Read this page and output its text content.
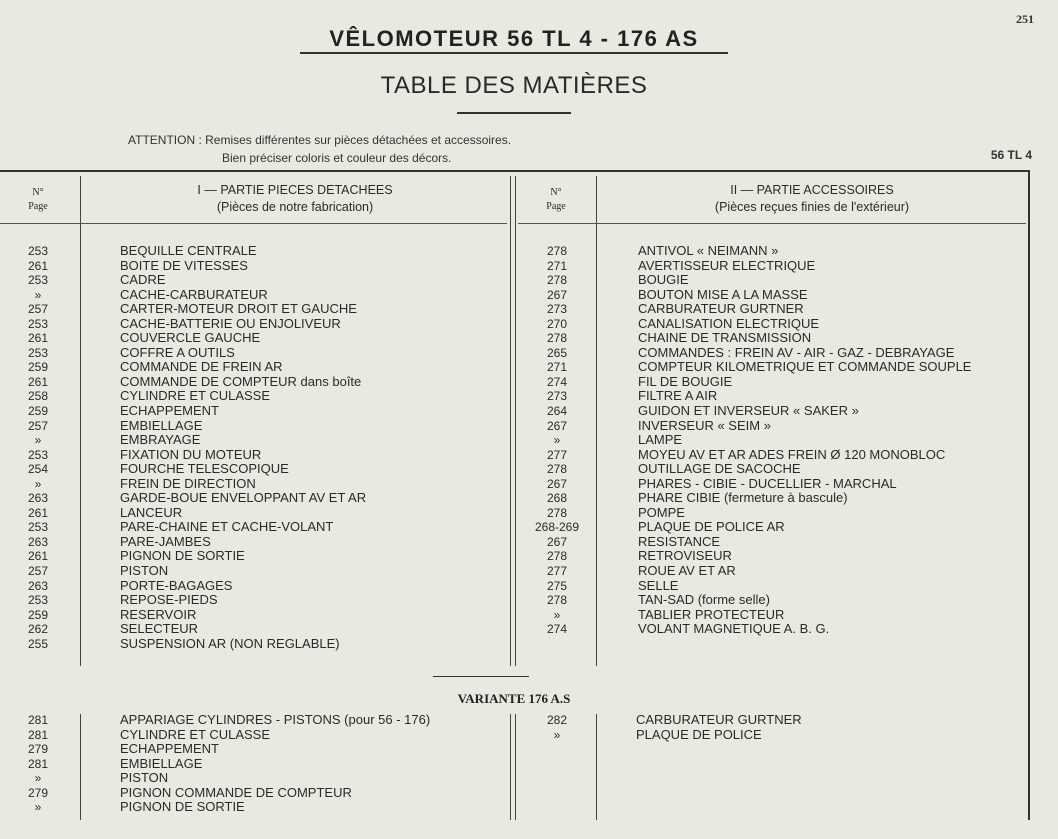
251
VÊLOMOTEUR 56 TL 4 - 176 AS
TABLE DES MATIÈRES
ATTENTION : Remises différentes sur pièces détachées et accessoires.
Bien préciser coloris et couleur des décors.	56 TL 4
N°
Page
I — PARTIE PIECES DETACHEES
(Pièces de notre fabrication)
N°
Page
II — PARTIE ACCESSOIRES
(Pièces reçues finies de l'extérieur)
253
261
253
»
257
253
261
253
259
261
258
259
257
»
253
254
»
263
261
253
263
261
257
263
253
259
262
255
BEQUILLE CENTRALE
BOITE DE VITESSES
CADRE
CACHE-CARBURATEUR
CARTER-MOTEUR DROIT ET GAUCHE
CACHE-BATTERIE OU ENJOLIVEUR
COUVERCLE GAUCHE
COFFRE A OUTILS
COMMANDE DE FREIN AR
COMMANDE DE COMPTEUR dans boîte
CYLINDRE ET CULASSE
ECHAPPEMENT
EMBIELLAGE
EMBRAYAGE
FIXATION DU MOTEUR
FOURCHE TELESCOPIQUE
FREIN DE DIRECTION
GARDE-BOUE ENVELOPPANT AV ET AR
LANCEUR
PARE-CHAINE ET CACHE-VOLANT
PARE-JAMBES
PIGNON DE SORTIE
PISTON
PORTE-BAGAGES
REPOSE-PIEDS
RESERVOIR
SELECTEUR
SUSPENSION AR (NON REGLABLE)
278
271
278
267
273
270
278
265
271
274
273
264
267
»
277
278
267
268
278
268-269
267
278
277
275
278
»
274
ANTIVOL « NEIMANN »
AVERTISSEUR ELECTRIQUE
BOUGIE
BOUTON MISE A LA MASSE
CARBURATEUR GURTNER
CANALISATION ELECTRIQUE
CHAINE DE TRANSMISSION
COMMANDES : FREIN AV - AIR - GAZ - DEBRAYAGE
COMPTEUR KILOMETRIQUE ET COMMANDE SOUPLE
FIL DE BOUGIE
FILTRE A AIR
GUIDON ET INVERSEUR « SAKER »
INVERSEUR « SEIM »
LAMPE
MOYEU AV ET AR ADES FREIN Ø 120 MONOBLOC
OUTILLAGE DE SACOCHE
PHARES - CIBIE - DUCELLIER - MARCHAL
PHARE CIBIE (fermeture à bascule)
POMPE
PLAQUE DE POLICE AR
RESISTANCE
RETROVISEUR
ROUE AV ET AR
SELLE
TAN-SAD (forme selle)
TABLIER PROTECTEUR
VOLANT MAGNETIQUE A. B. G.
VARIANTE 176 A.S
281
281
279
281
»
279
»
APPARIAGE CYLINDRES - PISTONS (pour 56 - 176)
CYLINDRE ET CULASSE
ECHAPPEMENT
EMBIELLAGE
PISTON
PIGNON COMMANDE DE COMPTEUR
PIGNON DE SORTIE
282
»
CARBURATEUR GURTNER
PLAQUE DE POLICE
